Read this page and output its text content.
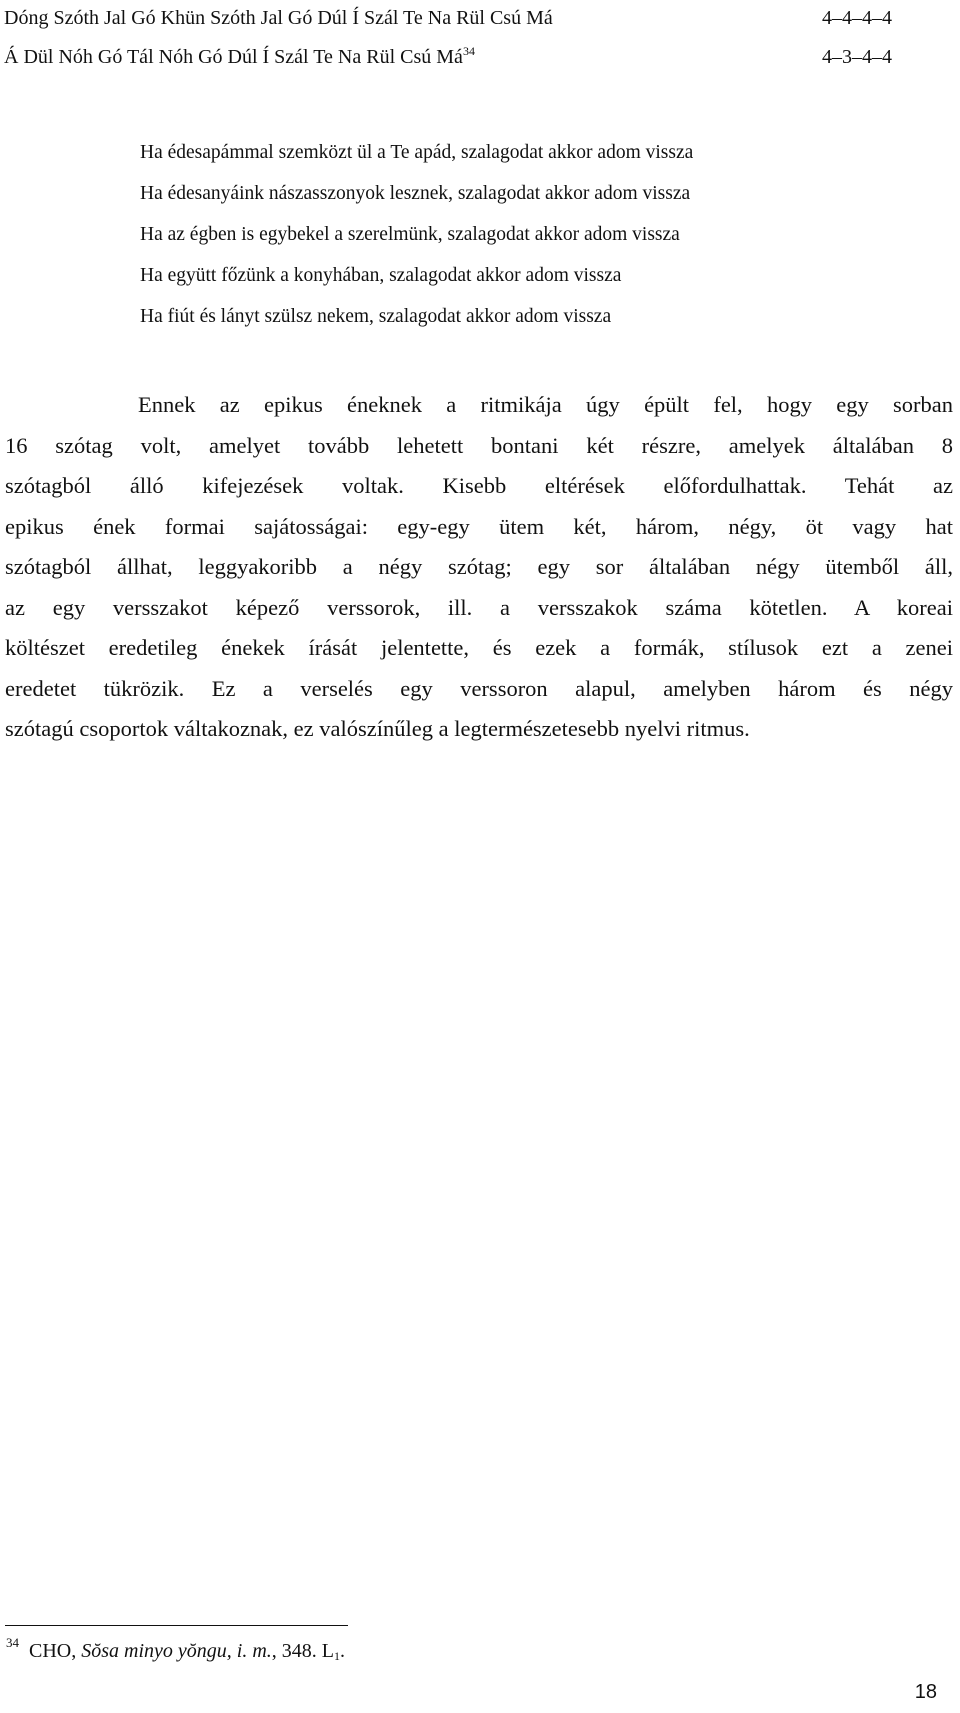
Dóng Szóth Jal Gó Khün Szóth Jal Gó Dúl Í Szál Te Na Rül Csú Má	4–4–4–4
Á Dül Nóh Gó Tál Nóh Gó Dúl Í Szál Te Na Rül Csú $Má^{34}$	4–3–4–4
Ha édesapámmal szemközt ül a Te apád, szalagodat akkor adom vissza
Ha édesanyáink nászasszonyok lesznek, szalagodat akkor adom vissza
Ha az égben is egybekel a szerelmünk, szalagodat akkor adom vissza
Ha együtt főzünk a konyhában, szalagodat akkor adom vissza
Ha fiút és lányt szülsz nekem, szalagodat akkor adom vissza
Ennek az epikus éneknek a ritmikája úgy épült fel, hogy egy sorban
16 szótag volt, amelyet tovább lehetett bontani két részre, amelyek általában 8
szótagból álló kifejezések voltak. Kisebb eltérések előfordulhattak. Tehát az
epikus ének formai sajátosságai: egy-egy ütem két, három, négy, öt vagy hat
szótagból állhat, leggyakoribb a négy szótag; egy sor általában négy ütemből áll,
az egy versszakot képező verssorok, ill. a versszakok száma kötetlen. A koreai
költészet eredetileg énekek írását jelentette, és ezek a formák, stílusok ezt a zenei
eredetet tükrözik. Ez a verselés egy verssoron alapul, amelyben három és négy
szótagú csoportok váltakoznak, ez valószínűleg a legtermészetesebb nyelvi ritmus.
$^{34}$ CHO, Sŏsa minyo yŏngu, i. m., 348. $L_1$.
18
